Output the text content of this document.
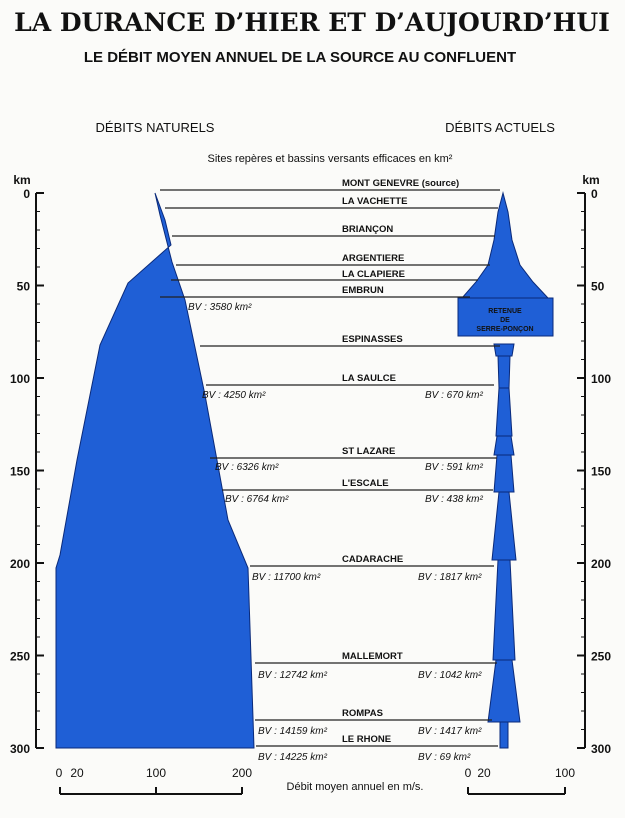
LA DURANCE D’HIER ET D’AUJOURD’HUI
LE DÉBIT MOYEN ANNUEL DE LA SOURCE AU CONFLUENT
DÉBITS NATURELS	DÉBITS ACTUELS
Sites repères et bassins versants efficaces en km²
km
0
50
100
150
200
250
300
km
0
50
100
150
200
250
300
RETENUE
DE
SERRE-PONÇON
MONT GENEVRE (source)
LA VACHETTE
BRIANÇON
ARGENTIERE
LA CLAPIERE
EMBRUN
ESPINASSES
LA SAULCE
ST LAZARE
L'ESCALE
CADARACHE
MALLEMORT
ROMPAS
LE RHONE
BV : 3580 km²
BV : 4250 km²
BV : 6326 km²
BV : 6764 km²
BV : 11700 km²
BV : 12742 km²
BV : 14159 km²
BV : 14225 km²
BV : 670 km²
BV : 591 km²
BV : 438 km²
BV : 1817 km²
BV : 1042 km²
BV : 1417 km²
BV : 69 km²
0 20	100	200
Débit moyen annuel en m/s.
0 20	100
